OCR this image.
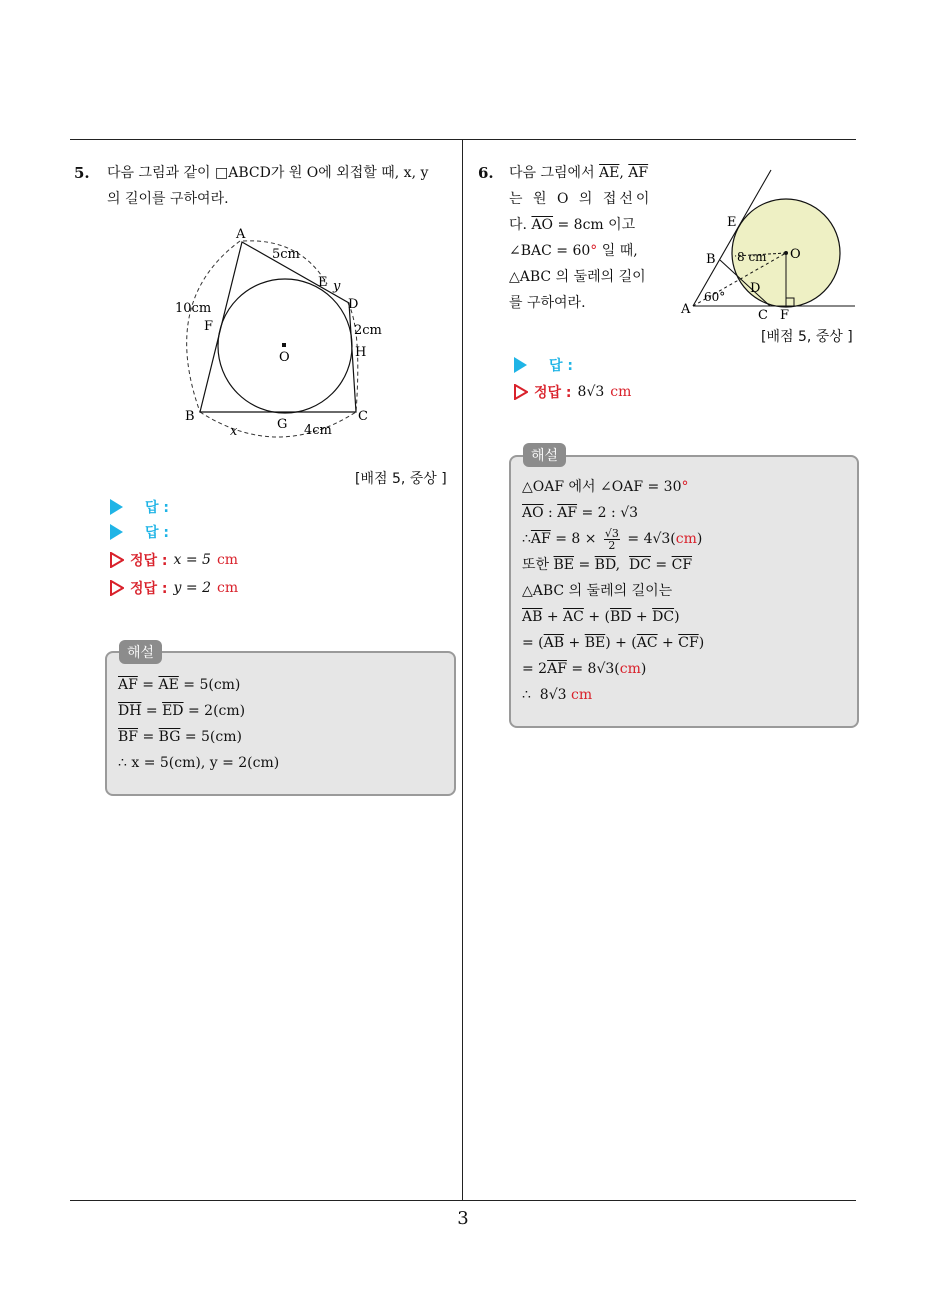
5. 다음 그림과 같이 □ABCD가 원 O에 외접할 때, x, y
의 길이를 구하여라.
A
B	C
D
E
F
G
H
O
5cm
10cm
2cm
4cm
x
y
[배점 5, 중상 ]
답 :
답 :
정답 : x = 5 cm
정답 : y = 2 cm
해설
$\overline{AF} = \overline{AE} = 5(cm)$
$\overline{DH} = \overline{ED} = 2(cm)$
$\overline{BF} = \overline{BG} = 5(cm)$
∴ x = 5(cm), y = 2(cm)
6. 다음 그림에서 $\overline{AE}$, $\overline{AF}$
는 원 O 의 접선이
다. $\overline{AO} = 8cm$ 이고
∠BAC = 60° 일 때,
△ABC 의 둘레의 길이
를 구하여라.	A
B
C
D
E
F
O
8 cm
60°
[배점 5, 중상 ]
답 :
정답 : 8√3 cm
해설
△OAF 에서 ∠OAF = 30°
$\overline{AO}$ : $\overline{AF} = 2$ : √3
∴ $\overline{AF} = 8 \times \frac{√3}{2} = 4√3$( cm )
또한 $\overline{BE} = \overline{BD}$,  $\overline{DC} = \overline{CF}$
△ABC 의 둘레의 길이는
$\overline{AB} + \overline{AC} + (\overline{BD} + \overline{DC})$
= $(\overline{AB} + \overline{BE}) + (\overline{AC} + \overline{CF})$
= $2\overline{AF} = 8√3(cm)$
∴  8√3 cm
3
